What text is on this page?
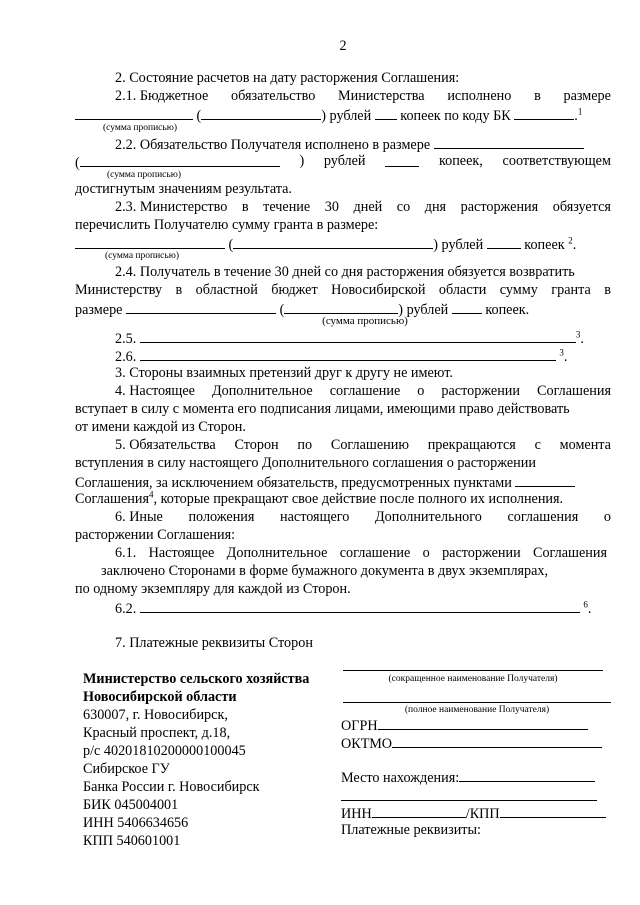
2
2. Состояние расчетов на дату расторжения Соглашения:
2.1. Бюджетное обязательство Министерства исполнено в размере
(	) рублей копеек по коду БК	.$^1$
(сумма прописью)
2.2. Обязательство Получателя исполнено в размере
(	) рублей	копеек, соответствующем
(сумма прописью)
достигнутым значениям результата.
2.3. Министерство в течение 30 дней со дня расторжения обязуется
перечислить Получателю сумму гранта в размере:
(	) рублей	копеек $^2$.
(сумма прописью)
2.4. Получатель в течение 30 дней со дня расторжения обязуется возвратить
Министерству в областной бюджет Новосибирской области сумму гранта в
размере	(	) рублей	копеек.
(сумма прописью)
2.5.	$^3$.
2.6.	$^3$.
3. Стороны взаимных претензий друг к другу не имеют.
4. Настоящее Дополнительное соглашение о расторжении Соглашения
вступает в силу с момента его подписания лицами, имеющими право действовать
от имени каждой из Сторон.
5. Обязательства Сторон по Соглашению прекращаются с момента
вступления в силу настоящего Дополнительного соглашения о расторжении
Соглашения, за исключением обязательств, предусмотренных пунктами
Соглашения$^4$, которые прекращают свое действие после полного их исполнения.
6. Иные положения настоящего Дополнительного соглашения о
расторжении Соглашения:
6.1. Настоящее Дополнительное соглашение о расторжении Соглашения
заключено Сторонами в форме бумажного документа в двух экземплярах,
по одному экземпляру для каждой из Сторон.
6.2.	$^6$.
7. Платежные реквизиты Сторон
Министерство сельского хозяйства
Новосибирской области
630007, г. Новосибирск,
Красный проспект, д.18,
р/с 40201810200000100045
Сибирское ГУ
Банка России г. Новосибирск
БИК 045004001
ИНН 5406634656
КПП 540601001
(сокращенное наименование Получателя)
(полное наименование Получателя)
ОГРН
ОКТМО
Место нахождения:
ИНН	/КПП
Платежные реквизиты:
